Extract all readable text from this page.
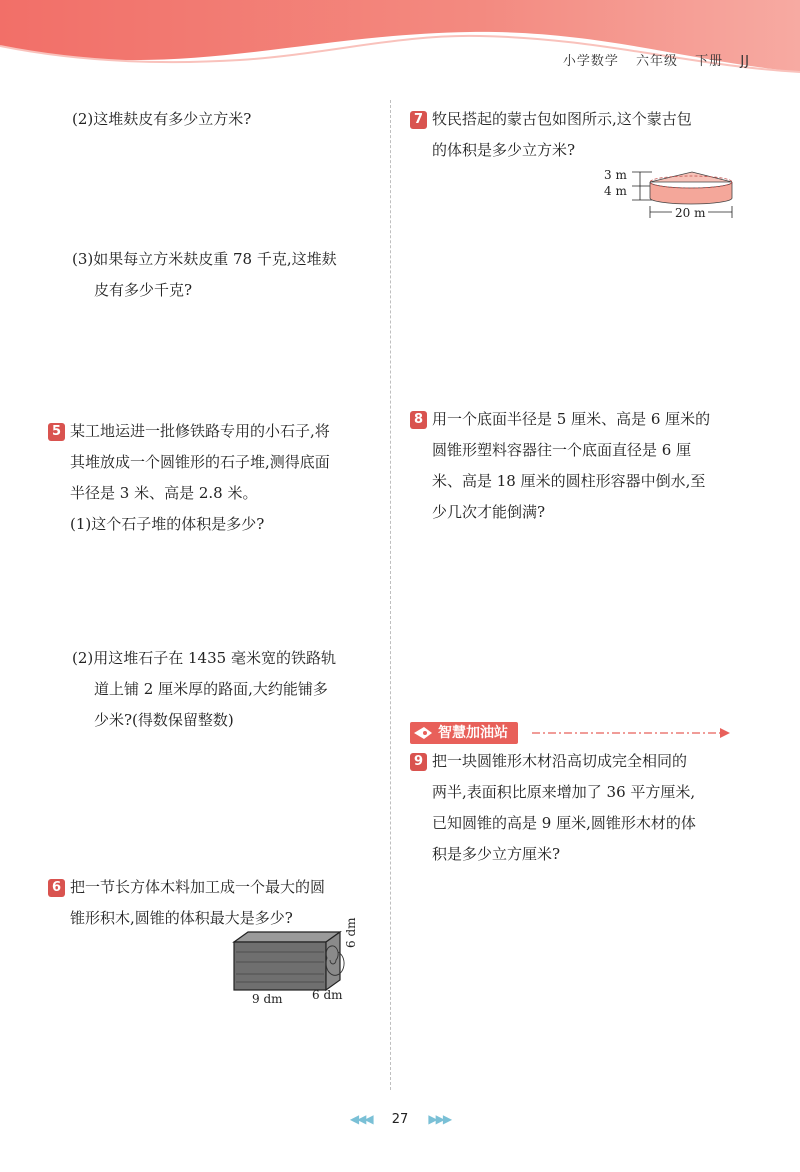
小学数学 六年级 下册 JJ
(2)这堆麸皮有多少立方米?
(3)如果每立方米麸皮重 78 千克,这堆麸
皮有多少千克?
5 某工地运进一批修铁路专用的小石子,将
其堆放成一个圆锥形的石子堆,测得底面
半径是 3 米、高是 2.8 米。
(1)这个石子堆的体积是多少?
(2)用这堆石子在 1435 毫米宽的铁路轨
道上铺 2 厘米厚的路面,大约能铺多
少米?(得数保留整数)
6 把一节长方体木料加工成一个最大的圆
锥形积木,圆锥的体积最大是多少?
9 dm 6 dm
6 dm
7 牧民搭起的蒙古包如图所示,这个蒙古包
的体积是多少立方米?
3 m
4 m
20 m
8 用一个底面半径是 5 厘米、高是 6 厘米的
圆锥形塑料容器往一个底面直径是 6 厘
米、高是 18 厘米的圆柱形容器中倒水,至
少几次才能倒满?
智慧加油站
9 把一块圆锥形木材沿高切成完全相同的
两半,表面积比原来增加了 36 平方厘米,
已知圆锥的高是 9 厘米,圆锥形木材的体
积是多少立方厘米?
◀◀◀ 27 ▶▶▶
